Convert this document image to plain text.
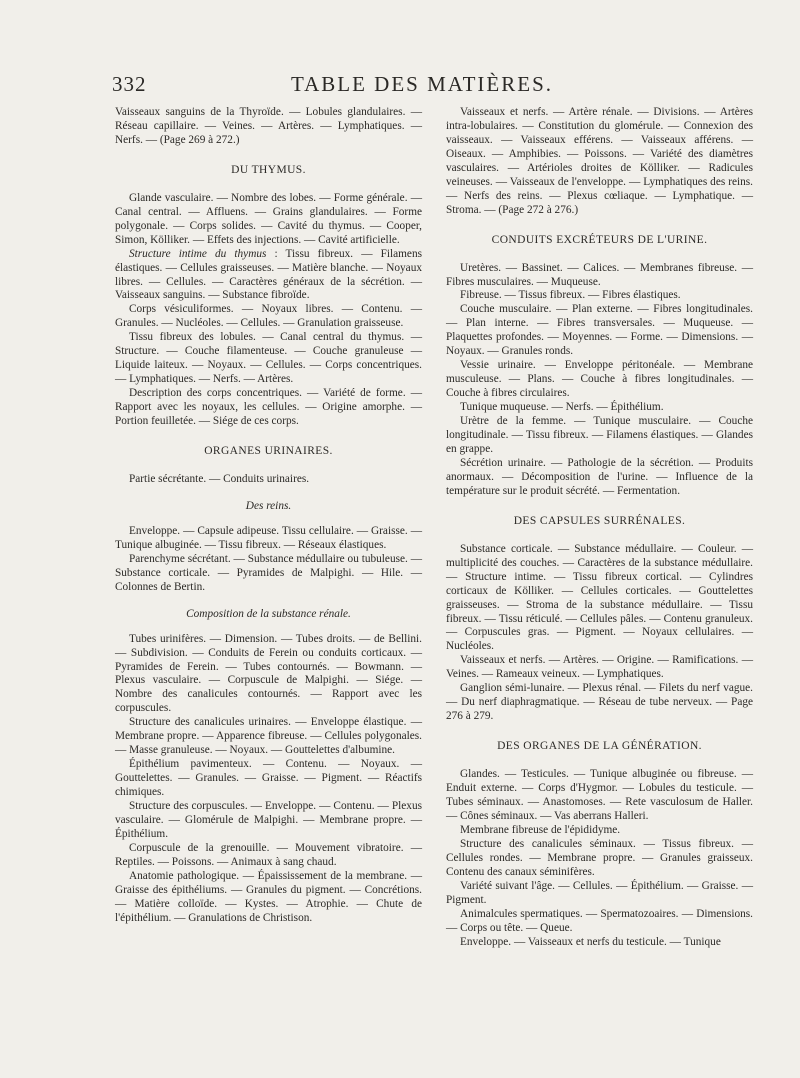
332	TABLE DES MATIÈRES.

Vaisseaux sanguins de la Thyroïde. — Lobules glandulaires. — Réseau capillaire. — Veines. — Artères. — Lymphatiques. — Nerfs. — (Page 269 à 272.)

DU THYMUS.

Glande vasculaire. — Nombre des lobes. — Forme générale. — Canal central. — Affluens. — Grains glandulaires. — Forme polygonale. — Corps solides. — Cavité du thymus. — Cooper, Simon, Kölliker. — Effets des injections. — Cavité artificielle.

Structure intime du thymus : Tissu fibreux. — Filamens élastiques. — Cellules graisseuses. — Matière blanche. — Noyaux libres. — Cellules. — Caractères généraux de la sécrétion. — Vaisseaux sanguins. — Substance fibroïde.

Corps vésiculiformes. — Noyaux libres. — Contenu. — Granules. — Nucléoles. — Cellules. — Granulation graisseuse.

Tissu fibreux des lobules. — Canal central du thymus. — Structure. — Couche filamenteuse. — Couche granuleuse — Liquide laiteux. — Noyaux. — Cellules. — Corps concentriques. — Lymphatiques. — Nerfs. — Artères.

Description des corps concentriques. — Variété de forme. — Rapport avec les noyaux, les cellules. — Origine amorphe. — Portion feuilletée. — Siége de ces corps.

ORGANES URINAIRES.

Partie sécrétante. — Conduits urinaires.

Des reins.

Enveloppe. — Capsule adipeuse. Tissu cellulaire. — Graisse. — Tunique albuginée. — Tissu fibreux. — Réseaux élastiques.

Parenchyme sécrétant. — Substance médullaire ou tubuleuse. — Substance corticale. — Pyramides de Malpighi. — Hile. — Colonnes de Bertin.

Composition de la substance rénale.

Tubes urinifères. — Dimension. — Tubes droits. — de Bellini. — Subdivision. — Conduits de Ferein ou conduits corticaux. — Pyramides de Ferein. — Tubes contournés. — Bowmann. — Plexus vasculaire. — Corpuscule de Malpighi. — Siége. — Nombre des canalicules contournés. — Rapport avec les corpuscules.

Structure des canalicules urinaires. — Enveloppe élastique. — Membrane propre. — Apparence fibreuse. — Cellules polygonales. — Masse granuleuse. — Noyaux. — Gouttelettes d'albumine.

Épithélium pavimenteux. — Contenu. — Noyaux. — Gouttelettes. — Granules. — Graisse. — Pigment. — Réactifs chimiques.

Structure des corpuscules. — Enveloppe. — Contenu. — Plexus vasculaire. — Glomérule de Malpighi. — Membrane propre. — Épithélium.

Corpuscule de la grenouille. — Mouvement vibratoire. — Reptiles. — Poissons. — Animaux à sang chaud.

Anatomie pathologique. — Épaississement de la membrane. — Graisse des épithéliums. — Granules du pigment. — Concrétions. — Matière colloïde. — Kystes. — Atrophie. — Chute de l'épithélium. — Granulations de Christison.

Vaisseaux et nerfs. — Artère rénale. — Divisions. — Artères intra-lobulaires. — Constitution du glomérule. — Connexion des vaisseaux. — Vaisseaux efférens. — Vaisseaux afférens. — Oiseaux. — Amphibies. — Poissons. — Variété des diamètres vasculaires. — Artérioles droites de Kölliker. — Radicules veineuses. — Vaisseaux de l'enveloppe. — Lymphatiques des reins. — Nerfs des reins. — Plexus cœliaque. — Lymphatique. — Stroma. — (Page 272 à 276.)

CONDUITS EXCRÉTEURS DE L'URINE.

Uretères. — Bassinet. — Calices. — Membranes fibreuse. — Fibres musculaires. — Muqueuse.

Fibreuse. — Tissus fibreux. — Fibres élastiques.

Couche musculaire. — Plan externe. — Fibres longitudinales. — Plan interne. — Fibres transversales. — Muqueuse. — Plaquettes profondes. — Moyennes. — Forme. — Dimensions. — Noyaux. — Granules ronds.

Vessie urinaire. — Enveloppe péritonéale. — Membrane musculeuse. — Plans. — Couche à fibres longitudinales. — Couche à fibres circulaires.

Tunique muqueuse. — Nerfs. — Épithélium.

Urètre de la femme. — Tunique musculaire. — Couche longitudinale. — Tissu fibreux. — Filamens élastiques. — Glandes en grappe.

Sécrétion urinaire. — Pathologie de la sécrétion. — Produits anormaux. — Décomposition de l'urine. — Influence de la température sur le produit sécrété. — Fermentation.

DES CAPSULES SURRÉNALES.

Substance corticale. — Substance médullaire. — Couleur. — multiplicité des couches. — Caractères de la substance médullaire. — Structure intime. — Tissu fibreux cortical. — Cylindres corticaux de Kölliker. — Cellules corticales. — Gouttelettes graisseuses. — Stroma de la substance médullaire. — Tissu fibreux. — Tissu réticulé. — Cellules pâles. — Contenu granuleux. — Corpuscules gras. — Pigment. — Noyaux cellulaires. — Nucléoles.

Vaisseaux et nerfs. — Artères. — Origine. — Ramifications. — Veines. — Rameaux veineux. — Lymphatiques.

Ganglion sémi-lunaire. — Plexus rénal. — Filets du nerf vague. — Du nerf diaphragmatique. — Réseau de tube nerveux. — Page 276 à 279.

DES ORGANES DE LA GÉNÉRATION.

Glandes. — Testicules. — Tunique albuginée ou fibreuse. — Enduit externe. — Corps d'Hygmor. — Lobules du testicule. — Tubes séminaux. — Anastomoses. — Rete vasculosum de Haller. — Cônes séminaux. — Vas aberrans Halleri.

Membrane fibreuse de l'épididyme.

Structure des canalicules séminaux. — Tissus fibreux. — Cellules rondes. — Membrane propre. — Granules graisseux. Contenu des canaux séminifères.

Variété suivant l'âge. — Cellules. — Épithélium. — Graisse. — Pigment.

Animalcules spermatiques. — Spermatozoaires. — Dimensions. — Corps ou tête. — Queue.

Enveloppe. — Vaisseaux et nerfs du testicule. — Tunique
